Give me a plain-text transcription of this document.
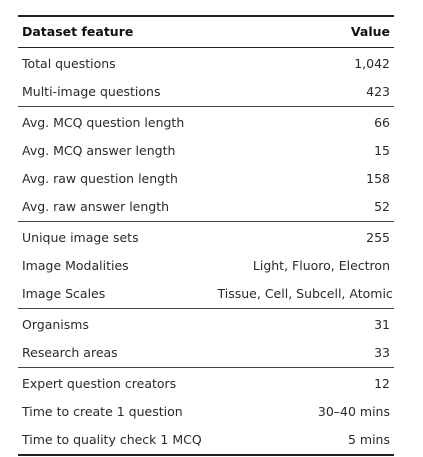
Dataset feature	Value
Total questions	1,042
Multi-image questions	423
Avg. MCQ question length	66
Avg. MCQ answer length	15
Avg. raw question length	158
Avg. raw answer length	52
Unique image sets	255
Image Modalities	Light, Fluoro, Electron
Image Scales	Tissue, Cell, Subcell, Atomic
Organisms	31
Research areas	33
Expert question creators	12
Time to create 1 question	30–40 mins
Time to quality check 1 MCQ	5 mins
